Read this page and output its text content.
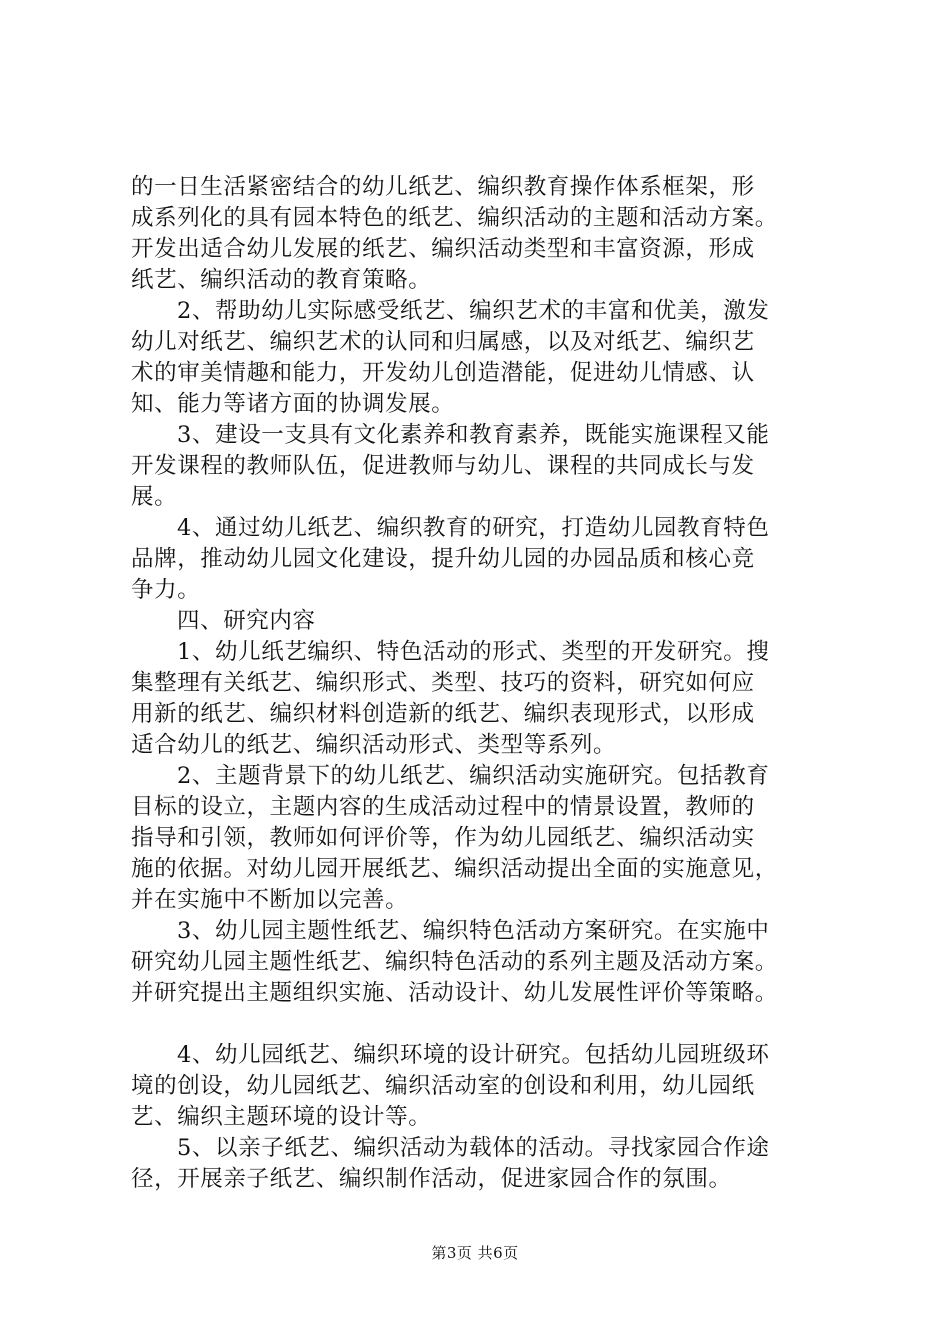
的一日生活紧密结合的幼儿纸艺、编织教育操作体系框架，形
成系列化的具有园本特色的纸艺、编织活动的主题和活动方案。
开发出适合幼儿发展的纸艺、编织活动类型和丰富资源，形成
纸艺、编织活动的教育策略。
2、帮助幼儿实际感受纸艺、编织艺术的丰富和优美，激发
幼儿对纸艺、编织艺术的认同和归属感，以及对纸艺、编织艺
术的审美情趣和能力，开发幼儿创造潜能，促进幼儿情感、认
知、能力等诸方面的协调发展。
3、建设一支具有文化素养和教育素养，既能实施课程又能
开发课程的教师队伍，促进教师与幼儿、课程的共同成长与发
展。
4、通过幼儿纸艺、编织教育的研究，打造幼儿园教育特色
品牌，推动幼儿园文化建设，提升幼儿园的办园品质和核心竞
争力。
四、研究内容
1、幼儿纸艺编织、特色活动的形式、类型的开发研究。搜
集整理有关纸艺、编织形式、类型、技巧的资料，研究如何应
用新的纸艺、编织材料创造新的纸艺、编织表现形式，以形成
适合幼儿的纸艺、编织活动形式、类型等系列。
2、主题背景下的幼儿纸艺、编织活动实施研究。包括教育
目标的设立，主题内容的生成活动过程中的情景设置，教师的
指导和引领，教师如何评价等，作为幼儿园纸艺、编织活动实
施的依据。对幼儿园开展纸艺、编织活动提出全面的实施意见，
并在实施中不断加以完善。
3、幼儿园主题性纸艺、编织特色活动方案研究。在实施中
研究幼儿园主题性纸艺、编织特色活动的系列主题及活动方案。
并研究提出主题组织实施、活动设计、幼儿发展性评价等策略。
4、幼儿园纸艺、编织环境的设计研究。包括幼儿园班级环
境的创设，幼儿园纸艺、编织活动室的创设和利用，幼儿园纸
艺、编织主题环境的设计等。
5、以亲子纸艺、编织活动为载体的活动。寻找家园合作途
径，开展亲子纸艺、编织制作活动，促进家园合作的氛围。
第3页 共6页
